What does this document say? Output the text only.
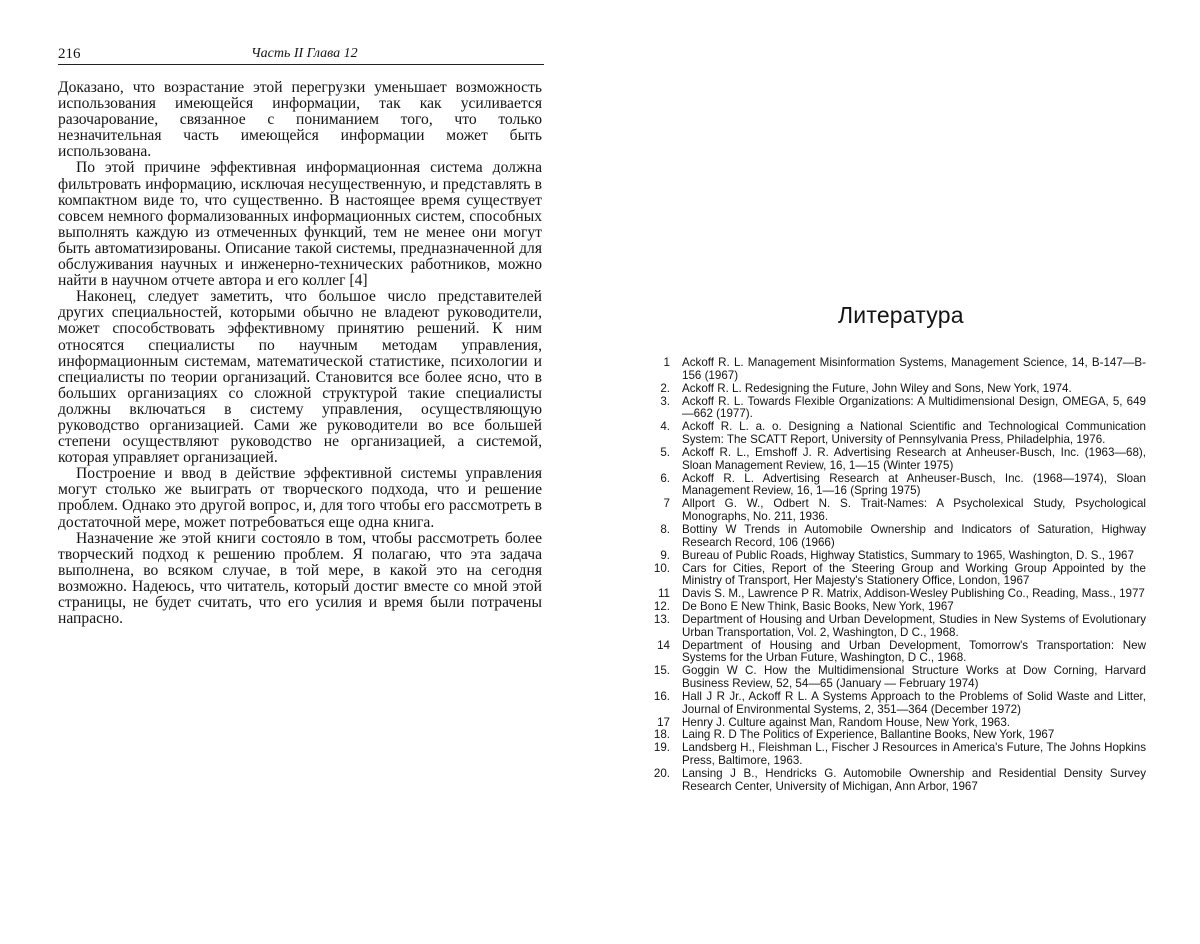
216	Часть II Глава 12

Доказано, что возрастание этой перегрузки уменьшает возможность использования имеющейся информации, так как усиливается разочарование, связанное с пониманием того, что только незначительная часть имеющейся информации может быть использована.

По этой причине эффективная информационная система должна фильтровать информацию, исключая несущественную, и представлять в компактном виде то, что существенно. В настоящее время существует совсем немного формализованных информационных систем, способных выполнять каждую из отмеченных функций, тем не менее они могут быть автоматизированы. Описание такой системы, предназначенной для обслуживания научных и инженерно-технических работников, можно найти в научном отчете автора и его коллег [4]

Наконец, следует заметить, что большое число представителей других специальностей, которыми обычно не владеют руководители, может способствовать эффективному принятию решений. К ним относятся специалисты по научным методам управления, информационным системам, математической статистике, психологии и специалисты по теории организаций. Становится все более ясно, что в больших организациях со сложной структурой такие специалисты должны включаться в систему управления, осуществляющую руководство организацией. Сами же руководители во все большей степени осуществляют руководство не организацией, а системой, которая управляет организацией.

Построение и ввод в действие эффективной системы управления могут столько же выиграть от творческого подхода, что и решение проблем. Однако это другой вопрос, и, для того чтобы его рассмотреть в достаточной мере, может потребоваться еще одна книга.

Назначение же этой книги состояло в том, чтобы рассмотреть более творческий подход к решению проблем. Я полагаю, что эта задача выполнена, во всяком случае, в той мере, в какой это на сегодня возможно. Надеюсь, что читатель, который достиг вместе со мной этой страницы, не будет считать, что его усилия и время были потрачены напрасно.

Литература
1 Ackoff R. L. Management Misinformation Systems, Management Science, 14, B-147—B-156 (1967)
2. Ackoff R. L. Redesigning the Future, John Wiley and Sons, New York, 1974.
3. Ackoff R. L. Towards Flexible Organizations: A Multidimensional Design, OMEGA, 5, 649—662 (1977).
4. Ackoff R. L. a. o. Designing a National Scientific and Technological Communication System: The SCATT Report, University of Pennsylvania Press, Philadelphia, 1976.
5. Ackoff R. L., Emshoff J. R. Advertising Research at Anheuser-Busch, Inc. (1963—68), Sloan Management Review, 16, 1—15 (Winter 1975)
6. Ackoff R. L. Advertising Research at Anheuser-Busch, Inc. (1968—1974), Sloan Management Review, 16, 1—16 (Spring 1975)
7 Allport G. W., Odbert N. S. Trait-Names: A Psycholexical Study, Psychological Monographs, No. 211, 1936.
8. Bottiny W Trends in Automobile Ownership and Indicators of Saturation, Highway Research Record, 106 (1966)
9. Bureau of Public Roads, Highway Statistics, Summary to 1965, Washington, D. S., 1967
10. Cars for Cities, Report of the Steering Group and Working Group Appointed by the Ministry of Transport, Her Majesty's Stationery Office, London, 1967
11 Davis S. M., Lawrence P R. Matrix, Addison-Wesley Publishing Co., Reading, Mass., 1977
12. De Bono E New Think, Basic Books, New York, 1967
13. Department of Housing and Urban Development, Studies in New Systems of Evolutionary Urban Transportation, Vol. 2, Washington, D C., 1968.
14 Department of Housing and Urban Development, Tomorrow's Transportation: New Systems for the Urban Future, Washington, D C., 1968.
15. Goggin W C. How the Multidimensional Structure Works at Dow Corning, Harvard Business Review, 52, 54—65 (January — February 1974)
16. Hall J R Jr., Ackoff R L. A Systems Approach to the Problems of Solid Waste and Litter, Journal of Environmental Systems, 2, 351—364 (December 1972)
17 Henry J. Culture against Man, Random House, New York, 1963.
18. Laing R. D The Politics of Experience, Ballantine Books, New York, 1967
19. Landsberg H., Fleishman L., Fischer J Resources in America's Future, The Johns Hopkins Press, Baltimore, 1963.
20. Lansing J B., Hendricks G. Automobile Ownership and Residential Density Survey Research Center, University of Michigan, Ann Arbor, 1967
